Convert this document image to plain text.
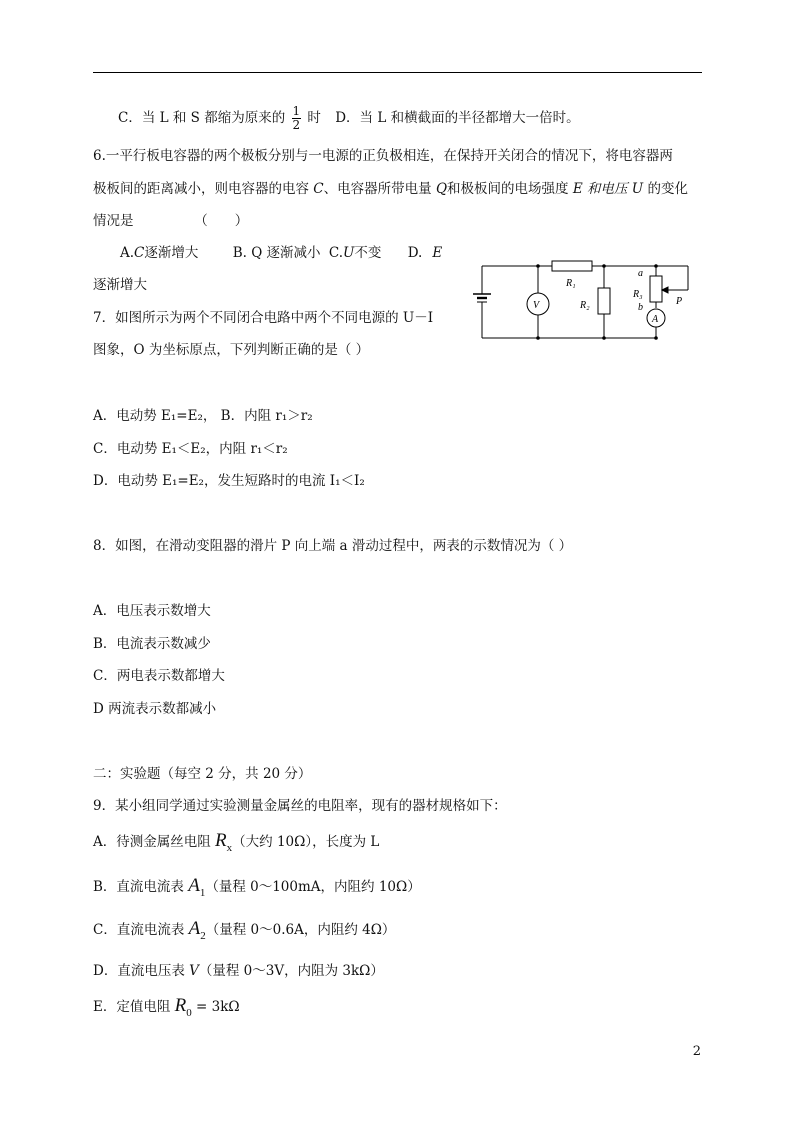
C．当 L 和 S 都缩为原来的 $\frac{1}{2}$ 时 D．当 L 和横截面的半径都增大一倍时。
6.一平行板电容器的两个极板分别与一电源的正负极相连，在保持开关闭合的情况下，将电容器两
极板间的距离减小，则电容器的电容 C、电容器所带电量 Q和极板间的电场强度 E 和电压 U 的变化
情况是　　　　　（　　）
A.C逐渐增大	B. Q 逐渐减小 C.U不变 D. E
逐渐增大	R₁
R₂
R₃
a
b
P
V
A
7．如图所示为两个不同闭合电路中两个不同电源的 U－I
图象，O 为坐标原点，下列判断正确的是（ ）
A．电动势 E₁=E₂， B．内阻 r₁＞r₂
C．电动势 E₁＜E₂，内阻 r₁＜r₂
D．电动势 E₁=E₂，发生短路时的电流 I₁＜I₂
8．如图，在滑动变阻器的滑片 P 向上端 a 滑动过程中，两表的示数情况为（ ）
A．电压表示数增大
B．电流表示数减少
C．两电表示数都增大
D 两流表示数都减小
二：实验题（每空 2 分，共 20 分）
9．某小组同学通过实验测量金属丝的电阻率，现有的器材规格如下：
A．待测金属丝电阻 $R_x$（大约 10Ω），长度为 L
B．直流电流表 $A_1$（量程 0～100mA，内阻约 10Ω）
C．直流电流表 $A_2$（量程 0～0.6A，内阻约 4Ω）
D．直流电压表 V（量程 0～3V，内阻为 3kΩ）
E．定值电阻 $R_0 = 3k\Omega$
2
